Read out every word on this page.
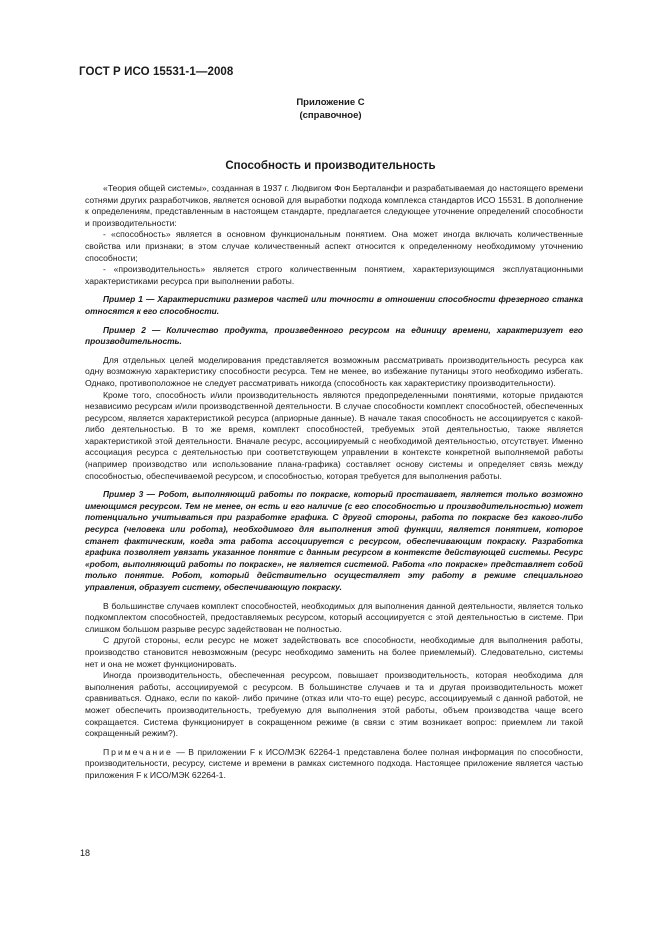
ГОСТ Р ИСО 15531-1—2008
Приложение С
(справочное)
Способность и производительность

«Теория общей системы», созданная в 1937 г. Людвигом Фон Берталанфи и разрабатываемая до настоящего времени сотнями других разработчиков, является основой для выработки подхода комплекса стандартов ИСО 15531. В дополнение к определениям, представленным в настоящем стандарте, предлагается следующее уточнение определений способности и производительности:

- «способность» является в основном функциональным понятием. Она может иногда включать количественные свойства или признаки; в этом случае количественный аспект относится к определенному необходимому уточнению способности;

- «производительность» является строго количественным понятием, характеризующимся эксплуатационными характеристиками ресурса при выполнении работы.

Пример 1 — Характеристики размеров частей или точности в отношении способности фрезерного станка относятся к его способности.

Пример 2 — Количество продукта, произведенного ресурсом на единицу времени, характеризует его производительность.

Для отдельных целей моделирования представляется возможным рассматривать производительность ресурса как одну возможную характеристику способности ресурса. Тем не менее, во избежание путаницы этого необходимо избегать. Однако, противоположное не следует рассматривать никогда (способность как характеристику производительности).

Кроме того, способность и/или производительность являются предопределенными понятиями, которые придаются независимо ресурсам и/или производственной деятельности. В случае способности комплект способностей, обеспеченных ресурсом, является характеристикой ресурса (априорные данные). В начале такая способность не ассоциируется с какой-либо деятельностью. В то же время, комплект способностей, требуемых этой деятельностью, также является характеристикой этой деятельности. Вначале ресурс, ассоциируемый с необходимой деятельностью, отсутствует. Именно ассоциация ресурса с деятельностью при соответствующем управлении в контексте конкретной выполняемой работы (например производство или использование плана-графика) составляет основу системы и определяет связь между способностью, обеспечиваемой ресурсом, и способностью, которая требуется для выполнения работы.

Пример 3 — Робот, выполняющий работы по покраске, который простаивает, является только возможно имеющимся ресурсом. Тем не менее, он есть и его наличие (с его способностью и производительностью) может потенциально учитываться при разработке графика. С другой стороны, работа по покраске без какого-либо ресурса (человека или робота), необходимого для выполнения этой функции, является понятием, которое станет фактическим, когда эта работа ассоциируется с ресурсом, обеспечивающим покраску. Разработка графика позволяет увязать указанное понятие с данным ресурсом в контексте действующей системы. Ресурс «робот, выполняющий работы по покраске», не является системой. Работа «по покраске» представляет собой только понятие. Робот, который действительно осуществляет эту работу в режиме специального управления, образует систему, обеспечивающую покраску.

В большинстве случаев комплект способностей, необходимых для выполнения данной деятельности, является только подкомплектом способностей, предоставляемых ресурсом, который ассоциируется с этой деятельностью в системе. При слишком большом разрыве ресурс задействован не полностью.

С другой стороны, если ресурс не может задействовать все способности, необходимые для выполнения работы, производство становится невозможным (ресурс необходимо заменить на более приемлемый). Следовательно, системы нет и она не может функционировать.

Иногда производительность, обеспеченная ресурсом, повышает производительность, которая необходима для выполнения работы, ассоциируемой с ресурсом. В большинстве случаев и та и другая производительность может сравниваться. Однако, если по какой- либо причине (отказ или что-то еще) ресурс, ассоциируемый с данной работой, не может обеспечить производительность, требуемую для выполнения этой работы, объем производства чаще всего сокращается. Система функционирует в сокращенном режиме (в связи с этим возникает вопрос: приемлем ли такой сокращенный режим?).

Примечание — В приложении F к ИСО/МЭК 62264-1 представлена более полная информация по способности, производительности, ресурсу, системе и времени в рамках системного подхода. Настоящее приложение является частью приложения F к ИСО/МЭК 62264-1.

18
